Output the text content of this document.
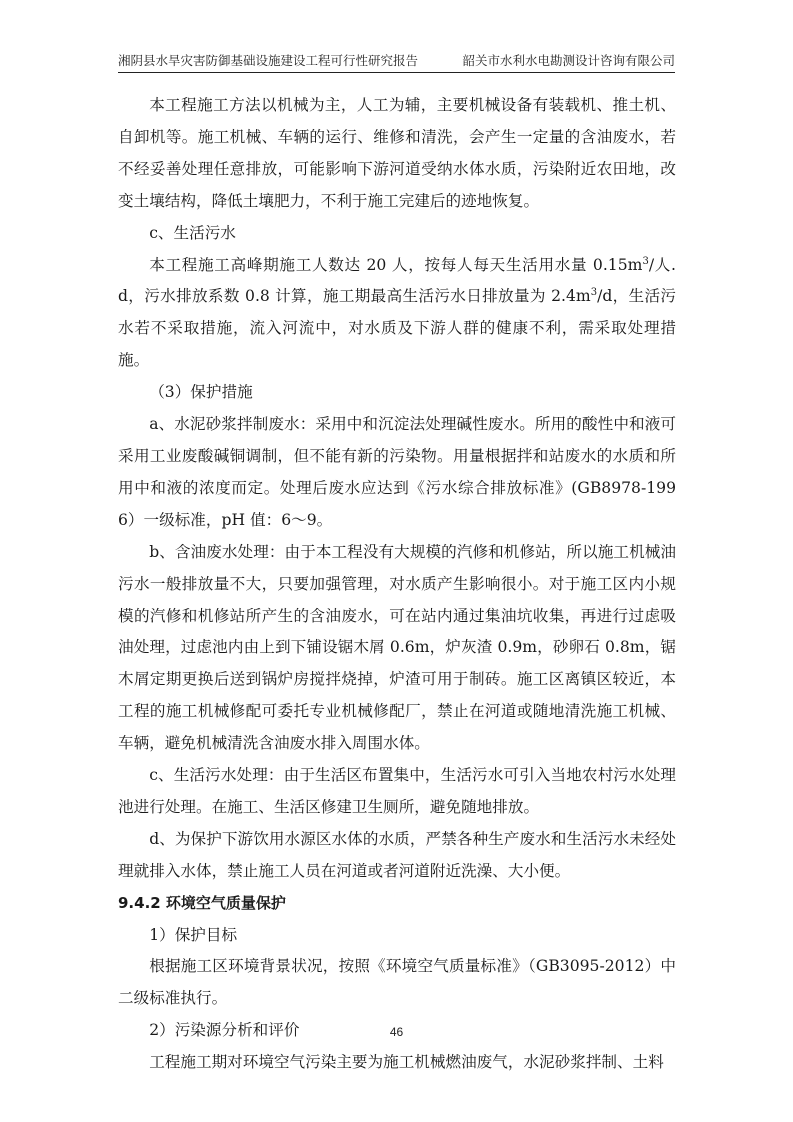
湘阴县水旱灾害防御基础设施建设工程可行性研究报告	韶关市水利水电勘测设计咨询有限公司

本工程施工方法以机械为主，人工为辅，主要机械设备有装载机、推土机、自卸机等。施工机械、车辆的运行、维修和清洗，会产生一定量的含油废水，若不经妥善处理任意排放，可能影响下游河道受纳水体水质，污染附近农田地，改变土壤结构，降低土壤肥力，不利于施工完建后的迹地恢复。

c、生活污水

本工程施工高峰期施工人数达 20 人，按每人每天生活用水量 $0.15m^3/$人.d，污水排放系数 0.8 计算，施工期最高生活污水日排放量为 $2.4m^3/d$，生活污水若不采取措施，流入河流中，对水质及下游人群的健康不利，需采取处理措施。

（3）保护措施

a、水泥砂浆拌制废水：采用中和沉淀法处理碱性废水。所用的酸性中和液可采用工业废酸碱铜调制，但不能有新的污染物。用量根据拌和站废水的水质和所用中和液的浓度而定。处理后废水应达到《污水综合排放标准》(GB8978-1996）一级标准，pH 值：6～9。

b、含油废水处理：由于本工程没有大规模的汽修和机修站，所以施工机械油污水一般排放量不大，只要加强管理，对水质产生影响很小。对于施工区内小规模的汽修和机修站所产生的含油废水，可在站内通过集油坑收集，再进行过虑吸油处理，过虑池内由上到下铺设锯木屑 0.6m，炉灰渣 0.9m，砂卵石 0.8m，锯木屑定期更换后送到锅炉房搅拌烧掉，炉渣可用于制砖。施工区离镇区较近，本工程的施工机械修配可委托专业机械修配厂，禁止在河道或随地清洗施工机械、车辆，避免机械清洗含油废水排入周围水体。

c、生活污水处理：由于生活区布置集中，生活污水可引入当地农村污水处理池进行处理。在施工、生活区修建卫生厕所，避免随地排放。

d、为保护下游饮用水源区水体的水质，严禁各种生产废水和生活污水未经处理就排入水体，禁止施工人员在河道或者河道附近洗澡、大小便。

9.4.2 环境空气质量保护

1）保护目标

根据施工区环境背景状况，按照《环境空气质量标准》（GB3095-2012）中二级标准执行。

2）污染源分析和评价

工程施工期对环境空气污染主要为施工机械燃油废气，水泥砂浆拌制、土料

46
